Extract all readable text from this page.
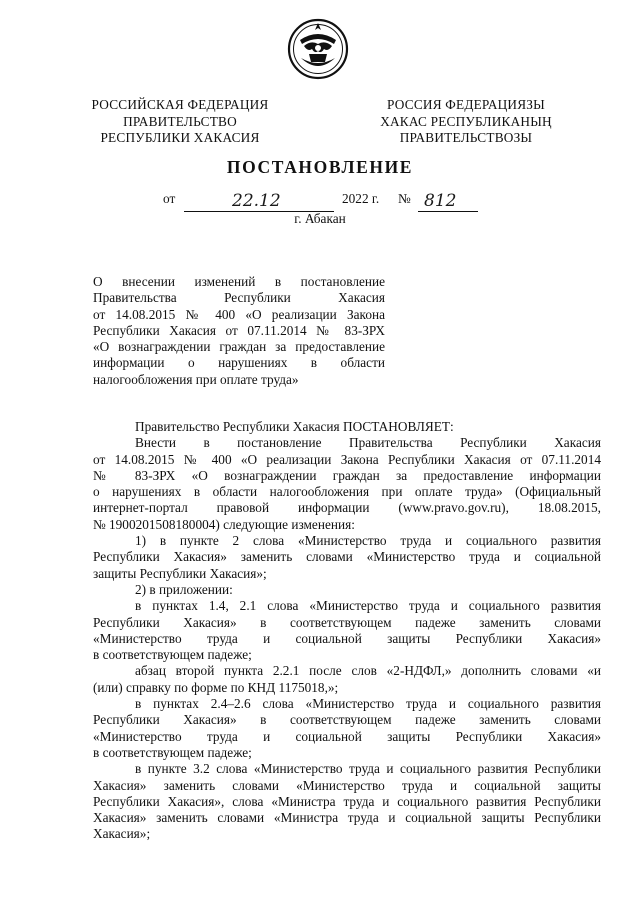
РОССИЙСКАЯ ФЕДЕРАЦИЯ
ПРАВИТЕЛЬСТВО
РЕСПУБЛИКИ ХАКАСИЯ
РОССИЯ ФЕДЕРАЦИЯЗЫ
ХАКАС РЕСПУБЛИКАНЫҢ
ПРАВИТЕЛЬСТВОЗЫ
ПОСТАНОВЛЕНИЕ
от	22.12	2022 г. № 812
г. Абакан
О внесении изменений в постановление
Правительства Республики Хакасия
от 14.08.2015 № 400 «О реализации Закона
Республики Хакасия от 07.11.2014 № 83-ЗРХ
«О вознаграждении граждан за предоставление
информации о нарушениях в области
налогообложения при оплате труда»
Правительство Республики Хакасия ПОСТАНОВЛЯЕТ:
Внести в постановление Правительства Республики Хакасия
от 14.08.2015 № 400 «О реализации Закона Республики Хакасия от 07.11.2014
№ 83-ЗРХ «О вознаграждении граждан за предоставление информации
о нарушениях в области налогообложения при оплате труда» (Официальный
интернет-портал правовой информации (www.pravo.gov.ru), 18.08.2015,
№ 1900201508180004) следующие изменения:
1) в пункте 2 слова «Министерство труда и социального развития
Республики Хакасия» заменить словами «Министерство труда и социальной
защиты Республики Хакасия»;
2) в приложении:
в пунктах 1.4, 2.1 слова «Министерство труда и социального развития
Республики Хакасия» в соответствующем падеже заменить словами
«Министерство труда и социальной защиты Республики Хакасия»
в соответствующем падеже;
абзац второй пункта 2.2.1 после слов «2-НДФЛ,» дополнить словами «и
(или) справку по форме по КНД 1175018,»;
в пунктах 2.4–2.6 слова «Министерство труда и социального развития
Республики Хакасия» в соответствующем падеже заменить словами
«Министерство труда и социальной защиты Республики Хакасия»
в соответствующем падеже;
в пункте 3.2 слова «Министерство труда и социального развития Республики
Хакасия» заменить словами «Министерство труда и социальной защиты
Республики Хакасия», слова «Министра труда и социального развития Республики
Хакасия» заменить словами «Министра труда и социальной защиты Республики
Хакасия»;
